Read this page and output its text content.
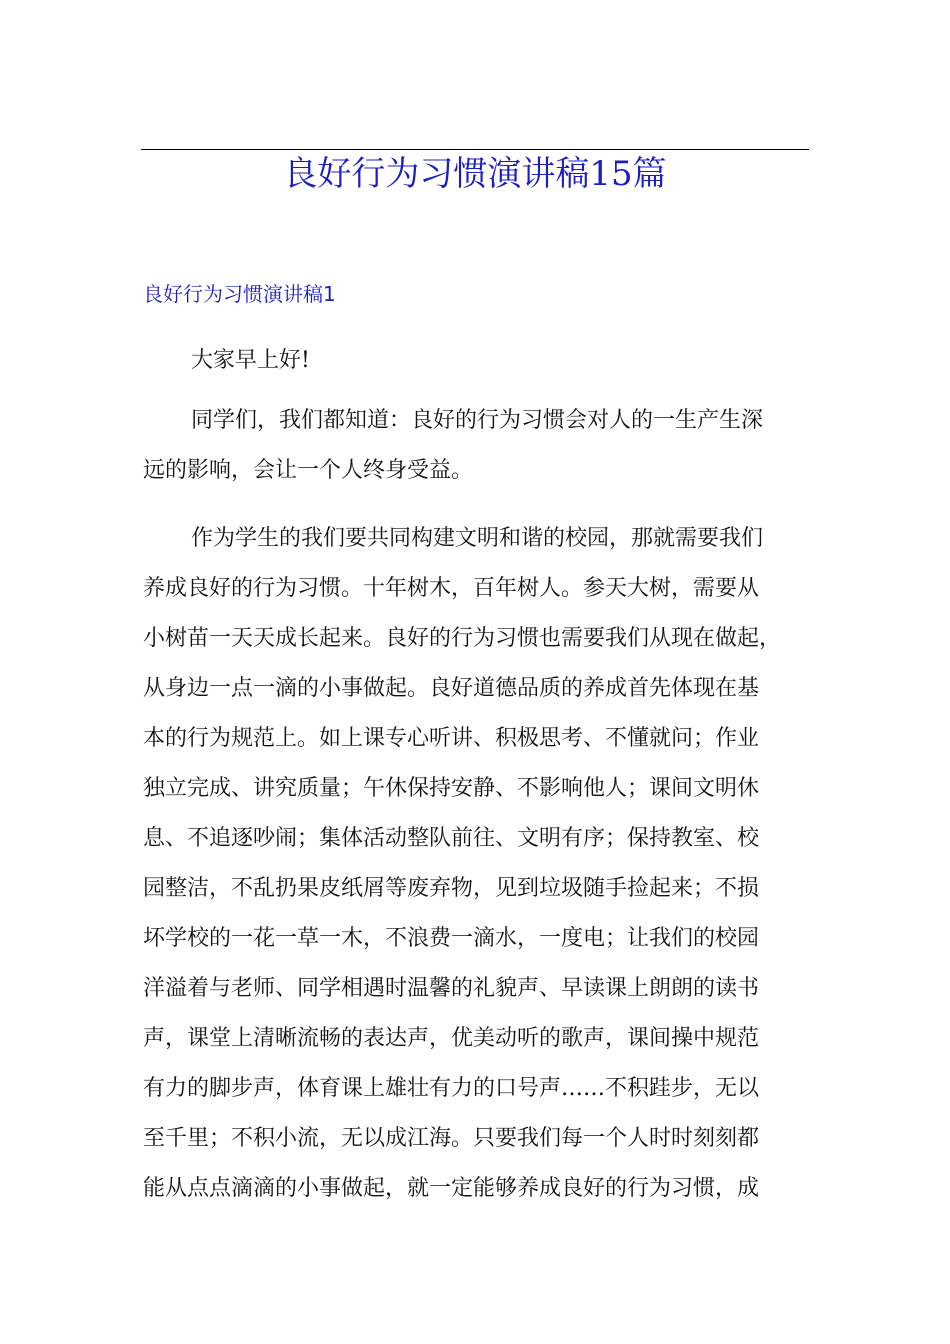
良好行为习惯演讲稿15篇
良好行为习惯演讲稿1
大家早上好!
同学们，我们都知道：良好的行为习惯会对人的一生产生深
远的影响，会让一个人终身受益。
作为学生的我们要共同构建文明和谐的校园，那就需要我们
养成良好的行为习惯。十年树木，百年树人。参天大树，需要从
小树苗一天天成长起来。良好的行为习惯也需要我们从现在做起，
从身边一点一滴的小事做起。良好道德品质的养成首先体现在基
本的行为规范上。如上课专心听讲、积极思考、不懂就问；作业
独立完成、讲究质量；午休保持安静、不影响他人；课间文明休
息、不追逐吵闹；集体活动整队前往、文明有序；保持教室、校
园整洁，不乱扔果皮纸屑等废弃物，见到垃圾随手捡起来；不损
坏学校的一花一草一木，不浪费一滴水，一度电；让我们的校园
洋溢着与老师、同学相遇时温馨的礼貌声、早读课上朗朗的读书
声，课堂上清晰流畅的表达声，优美动听的歌声，课间操中规范
有力的脚步声，体育课上雄壮有力的口号声……不积跬步，无以
至千里；不积小流，无以成江海。只要我们每一个人时时刻刻都
能从点点滴滴的小事做起，就一定能够养成良好的行为习惯，成
